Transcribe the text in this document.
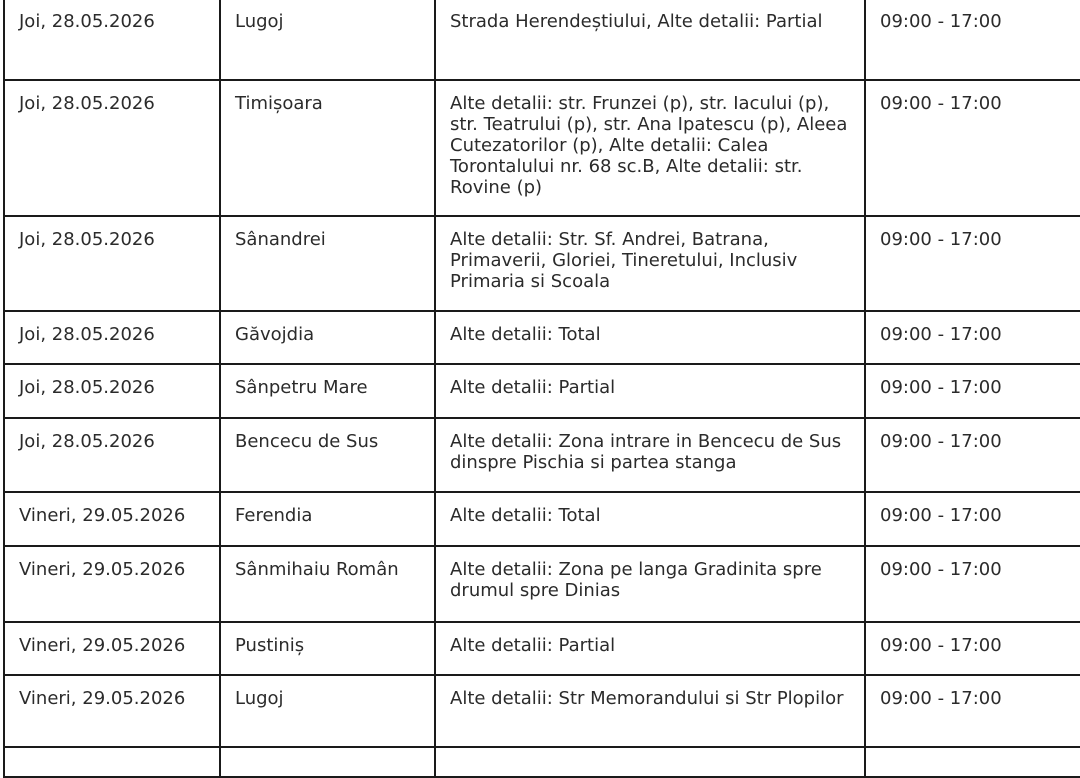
Joi, 28.05.2026	Lugoj	Strada Herendeștiului, Alte detalii: Partial	09:00 - 17:00
Joi, 28.05.2026	Timișoara	Alte detalii: str. Frunzei (p), str. Iacului (p), str. Teatrului (p), str. Ana Ipatescu (p), Aleea Cutezatorilor (p), Alte detalii: Calea Torontalului nr. 68 sc.B, Alte detalii: str. Rovine (p)	09:00 - 17:00
Joi, 28.05.2026	Sânandrei	Alte detalii: Str. Sf. Andrei, Batrana, Primaverii, Gloriei, Tineretului, Inclusiv Primaria si Scoala	09:00 - 17:00
Joi, 28.05.2026	Găvojdia	Alte detalii: Total	09:00 - 17:00
Joi, 28.05.2026	Sânpetru Mare	Alte detalii: Partial	09:00 - 17:00
Joi, 28.05.2026	Bencecu de Sus	Alte detalii: Zona intrare in Bencecu de Sus dinspre Pischia si partea stanga	09:00 - 17:00
Vineri, 29.05.2026	Ferendia	Alte detalii: Total	09:00 - 17:00
Vineri, 29.05.2026	Sânmihaiu Român	Alte detalii: Zona pe langa Gradinita spre drumul spre Dinias	09:00 - 17:00
Vineri, 29.05.2026	Pustiniș	Alte detalii: Partial	09:00 - 17:00
Vineri, 29.05.2026	Lugoj	Alte detalii: Str Memorandului si Str Plopilor	09:00 - 17:00
